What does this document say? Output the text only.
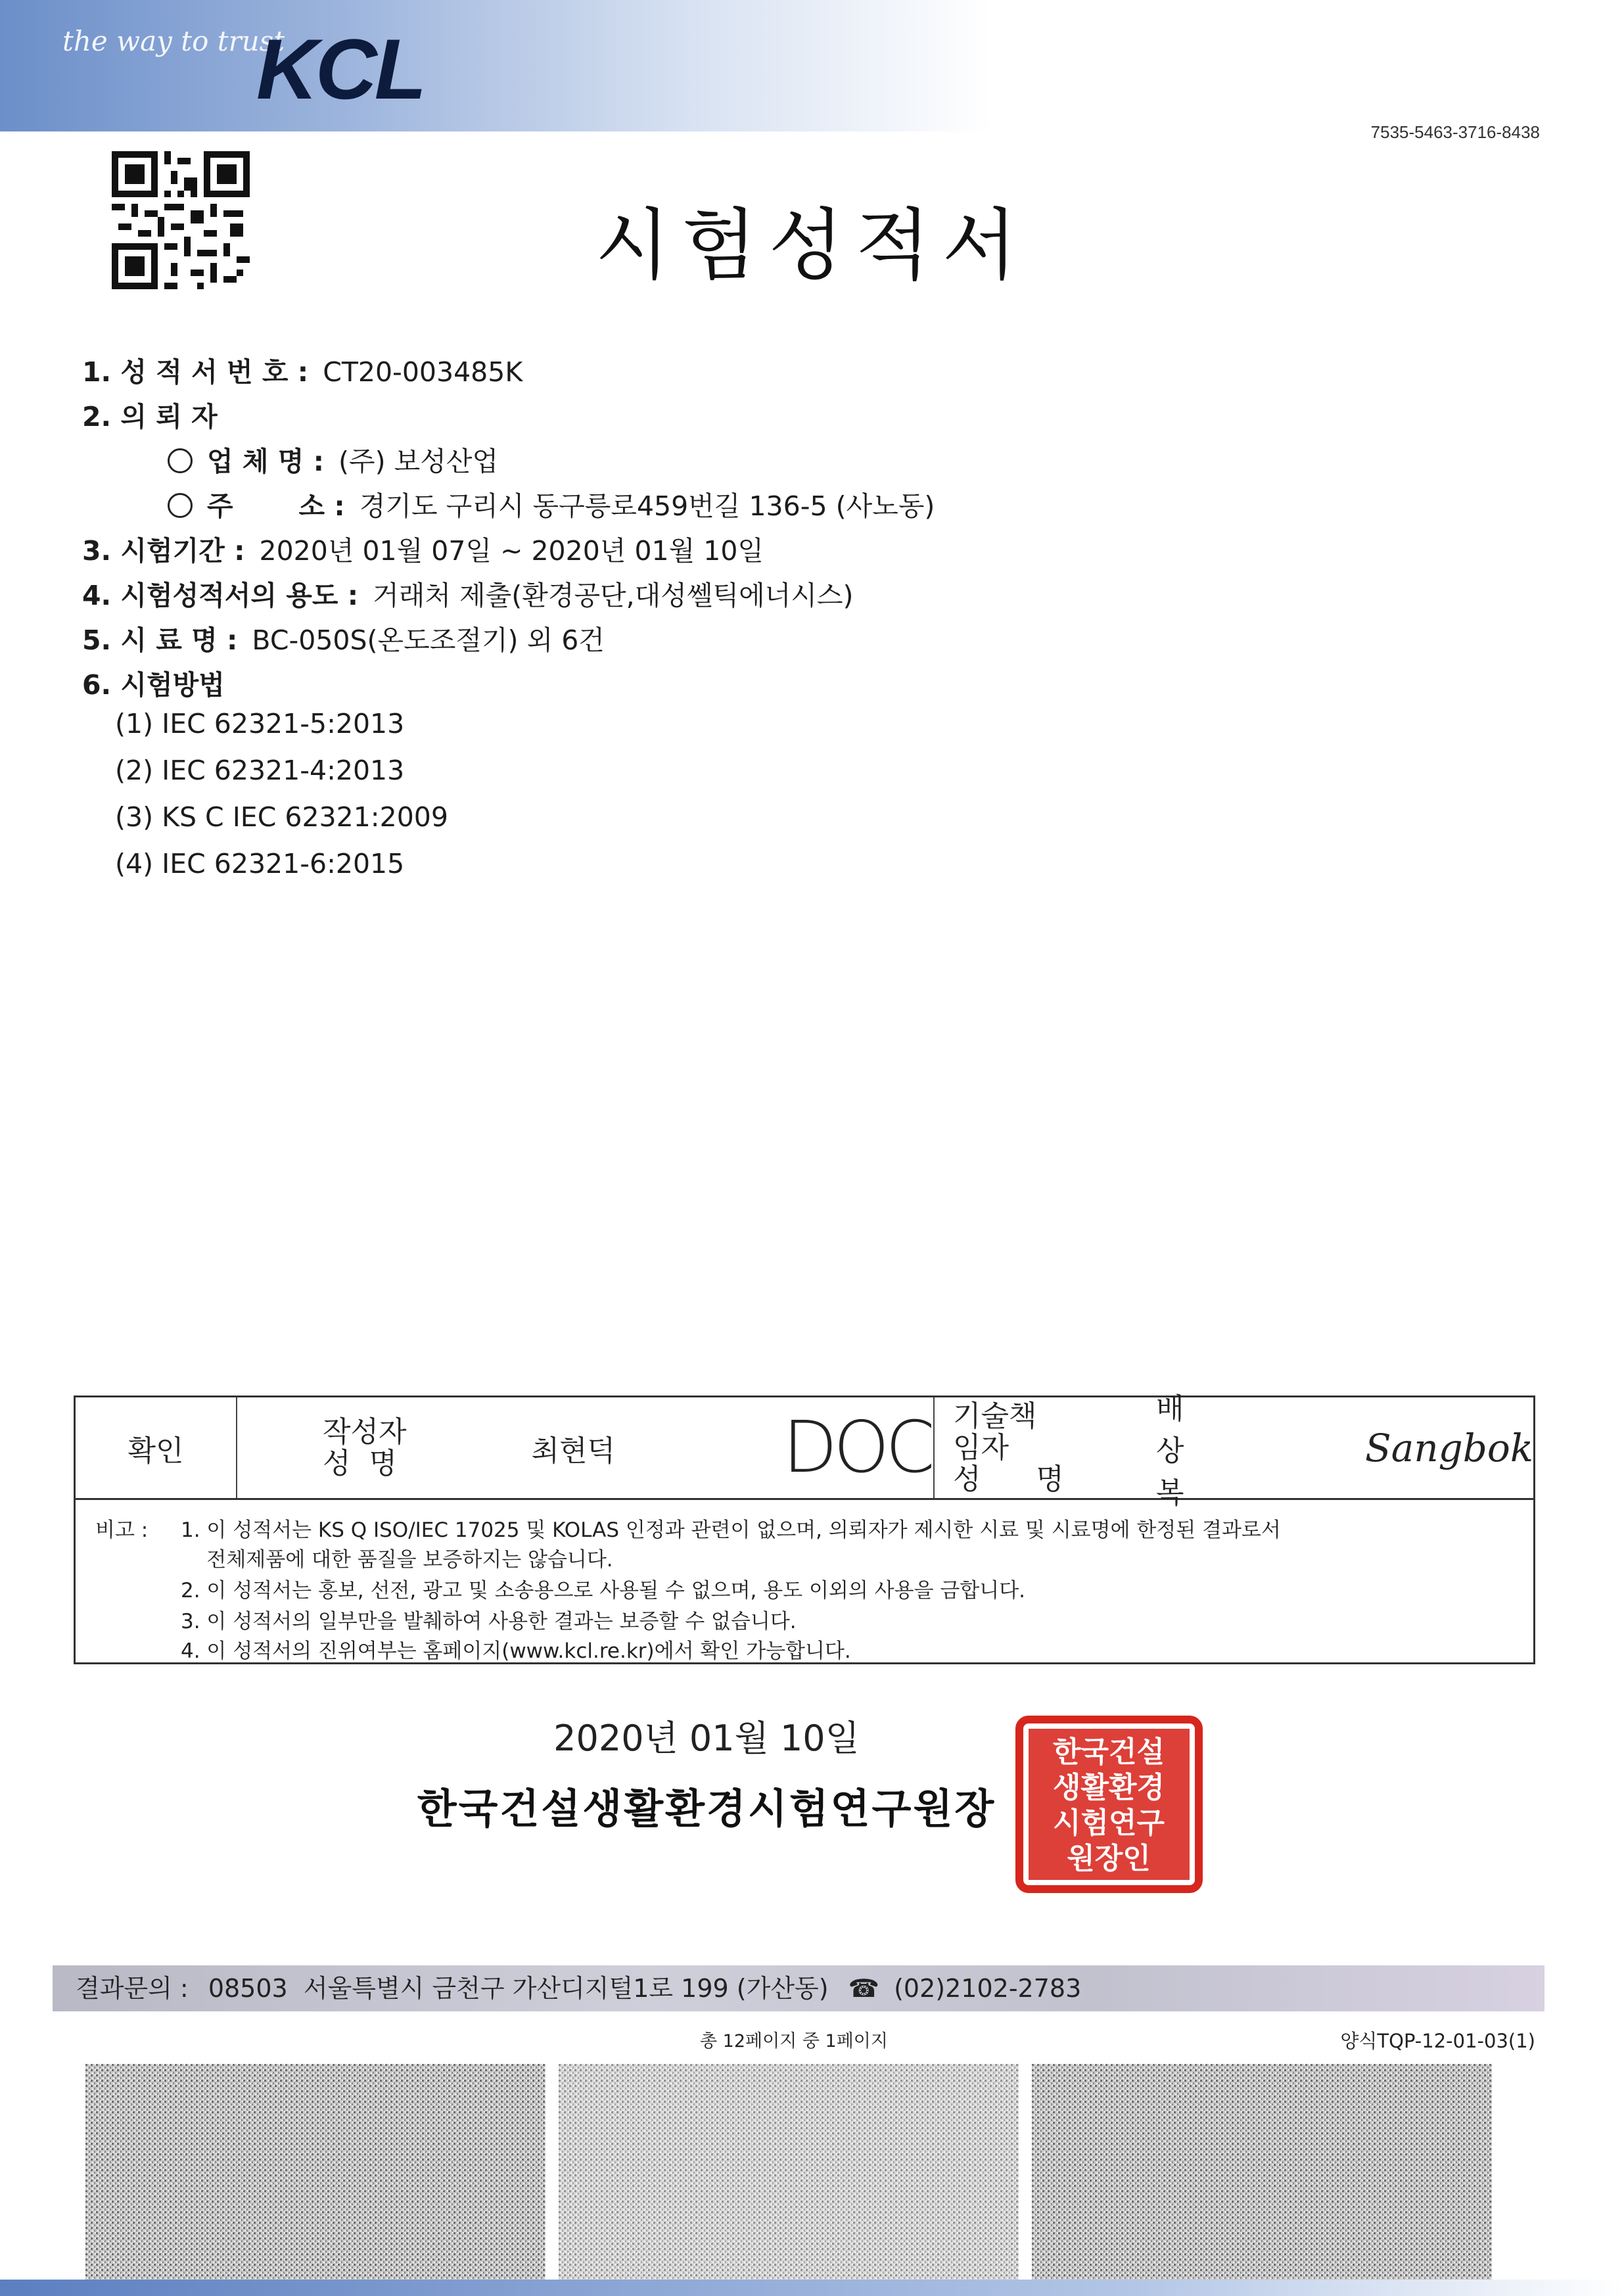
the way to trust
KCL
7535-5463-3716-8438
시험성적서
1. 성 적 서 번 호 : CT20-003485K
2. 의 뢰 자
업 체 명 : (주) 보성산업
주       소 : 경기도 구리시 동구릉로459번길 136-5 (사노동)
3. 시험기간 : 2020년 01월 07일 ~ 2020년 01월 10일
4. 시험성적서의 용도 : 거래처 제출(환경공단,대성쎌틱에너시스)
5. 시 료 명 : BC-050S(온도조절기) 외 6건
6. 시험방법
(1) IEC 62321-5:2013
(2) IEC 62321-4:2013
(3) KS C IEC 62321:2009
(4) IEC 62321-6:2015
확인
작성자
성  명	최현덕 DOC 기술책임자
성      명
배상복
Sangbok
비고 : 1. 이 성적서는 KS Q ISO/IEC 17025 및 KOLAS 인정과 관련이 없으며, 의뢰자가 제시한 시료 및 시료명에 한정된 결과로서
전체제품에 대한 품질을 보증하지는 않습니다.
2. 이 성적서는 홍보, 선전, 광고 및 소송용으로 사용될 수 없으며, 용도 이외의 사용을 금합니다.
3. 이 성적서의 일부만을 발췌하여 사용한 결과는 보증할 수 없습니다.
4. 이 성적서의 진위여부는 홈페이지(www.kcl.re.kr)에서 확인 가능합니다.
2020년 01월 10일
한국건설생활환경시험연구원장
한국건설
생활환경
시험연구
원장인
결과문의 : 08503  서울특별시 금천구 가산디지털1로 199 (가산동) ☎ (02)2102-2783
총 12페이지 중 1페이지	양식TQP-12-01-03(1)
